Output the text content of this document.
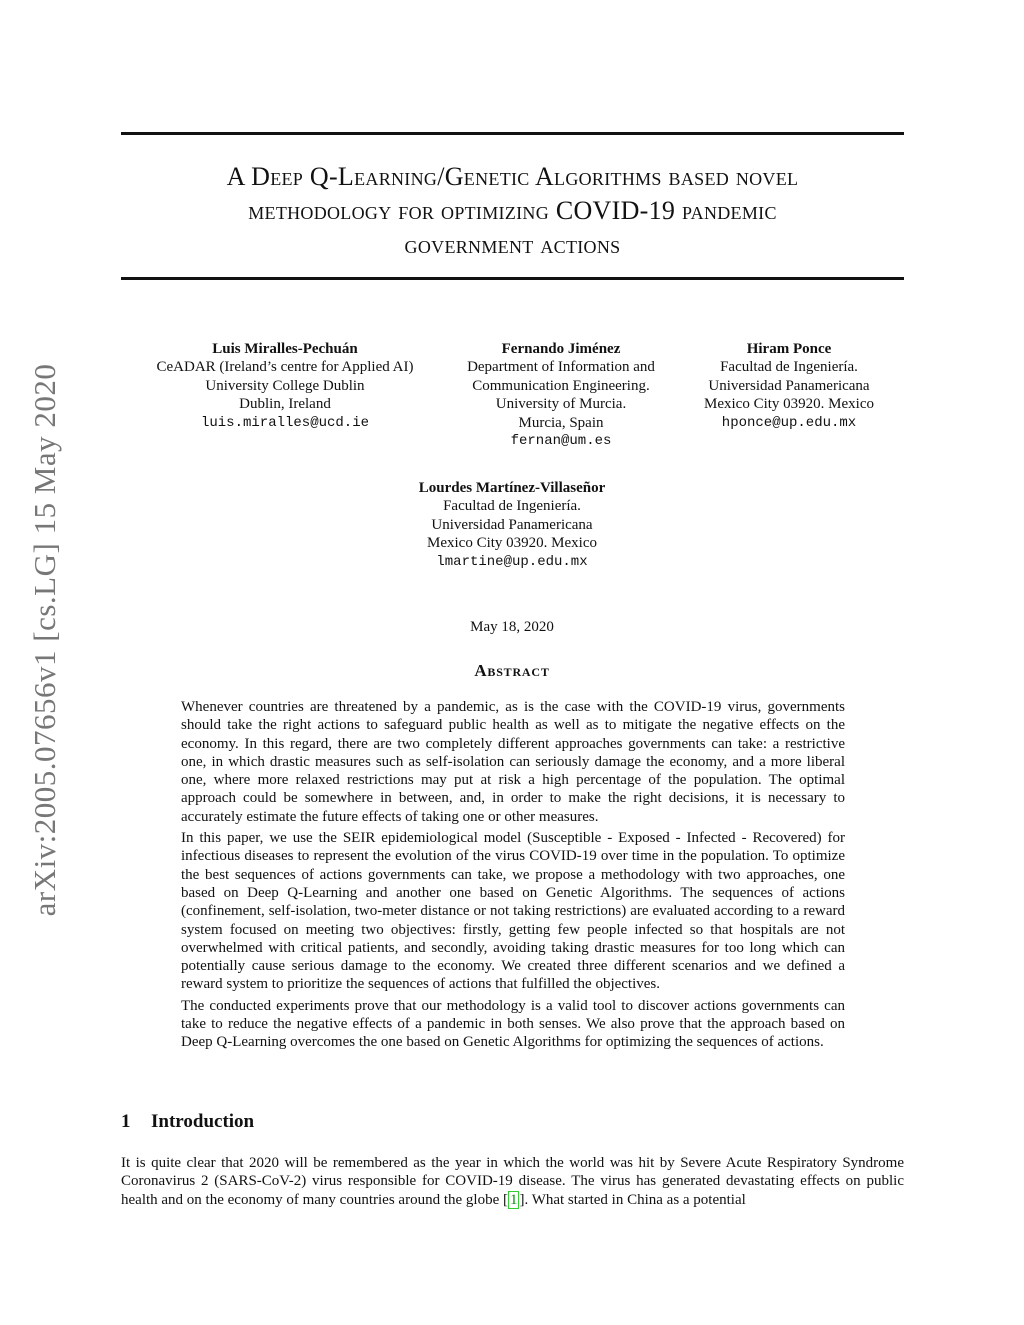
arXiv:2005.07656v1 [cs.LG] 15 May 2020
A Deep Q-Learning/Genetic Algorithms based novel
methodology for optimizing COVID-19 pandemic
government actions
Luis Miralles-Pechuán
CeADAR (Ireland’s centre for Applied AI)
University College Dublin
Dublin, Ireland
luis.miralles@ucd.ie
Fernando Jiménez
Department of Information and
Communication Engineering.
University of Murcia.
Murcia, Spain
fernan@um.es
Hiram Ponce
Facultad de Ingeniería.
Universidad Panamericana
Mexico City 03920. Mexico
hponce@up.edu.mx
Lourdes Martínez-Villaseñor
Facultad de Ingeniería.
Universidad Panamericana
Mexico City 03920. Mexico
lmartine@up.edu.mx
May 18, 2020
Abstract

Whenever countries are threatened by a pandemic, as is the case with the COVID-19 virus, governments should take the right actions to safeguard public health as well as to mitigate the negative effects on the economy. In this regard, there are two completely different approaches governments can take: a restrictive one, in which drastic measures such as self-isolation can seriously damage the economy, and a more liberal one, where more relaxed restrictions may put at risk a high percentage of the population. The optimal approach could be somewhere in between, and, in order to make the right decisions, it is necessary to accurately estimate the future effects of taking one or other measures.

In this paper, we use the SEIR epidemiological model (Susceptible - Exposed - Infected - Recovered) for infectious diseases to represent the evolution of the virus COVID-19 over time in the population. To optimize the best sequences of actions governments can take, we propose a methodology with two approaches, one based on Deep Q-Learning and another one based on Genetic Algorithms. The sequences of actions (confinement, self-isolation, two-meter distance or not taking restrictions) are evaluated according to a reward system focused on meeting two objectives: firstly, getting few people infected so that hospitals are not overwhelmed with critical patients, and secondly, avoiding taking drastic measures for too long which can potentially cause serious damage to the economy. We created three different scenarios and we defined a reward system to prioritize the sequences of actions that fulfilled the objectives.

The conducted experiments prove that our methodology is a valid tool to discover actions governments can take to reduce the negative effects of a pandemic in both senses. We also prove that the approach based on Deep Q-Learning overcomes the one based on Genetic Algorithms for optimizing the sequences of actions.

1 Introduction

It is quite clear that 2020 will be remembered as the year in which the world was hit by Severe Acute Respiratory Syndrome Coronavirus 2 (SARS-CoV-2) virus responsible for COVID-19 disease. The virus has generated devastating effects on public health and on the economy of many countries around the globe [ 1 ]. What started in China as a potential
